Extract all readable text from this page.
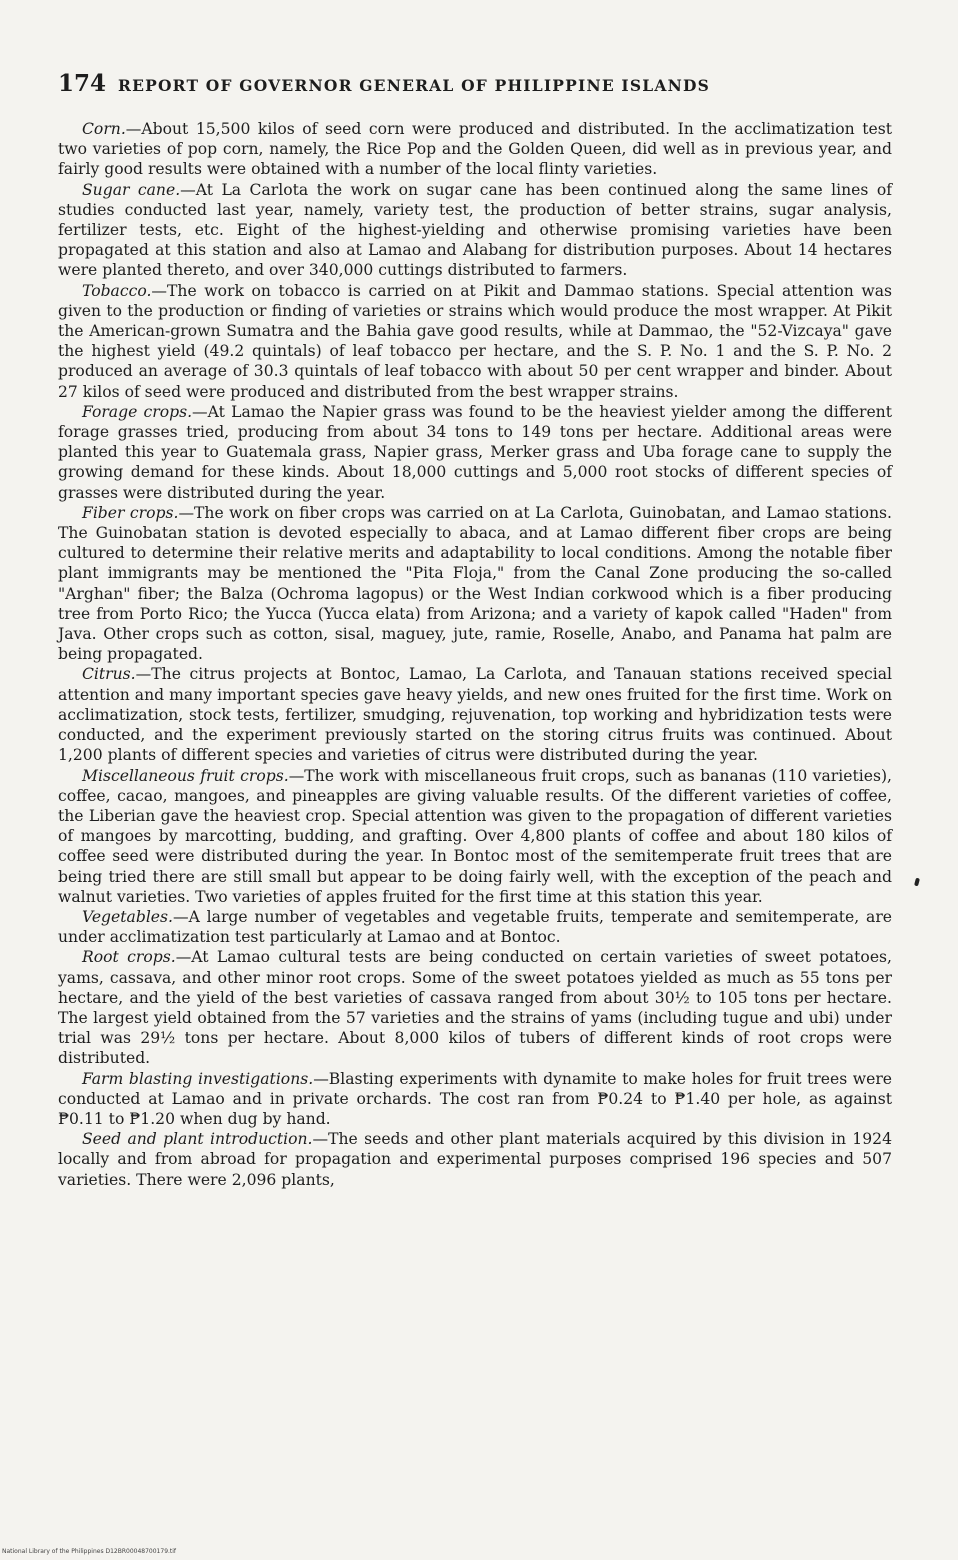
174 REPORT OF GOVERNOR GENERAL OF PHILIPPINE ISLANDS

Corn.—About 15,500 kilos of seed corn were produced and distributed. In the acclimatization test two varieties of pop corn, namely, the Rice Pop and the Golden Queen, did well as in previous year, and fairly good results were obtained with a number of the local flinty varieties.

Sugar cane.—At La Carlota the work on sugar cane has been continued along the same lines of studies conducted last year, namely, variety test, the production of better strains, sugar analysis, fertilizer tests, etc. Eight of the highest-yielding and otherwise promising varieties have been propagated at this station and also at Lamao and Alabang for distribution purposes. About 14 hectares were planted thereto, and over 340,000 cuttings distributed to farmers.

Tobacco.—The work on tobacco is carried on at Pikit and Dammao stations. Special attention was given to the production or finding of varieties or strains which would produce the most wrapper. At Pikit the American-grown Sumatra and the Bahia gave good results, while at Dammao, the "52-Vizcaya" gave the highest yield (49.2 quintals) of leaf tobacco per hectare, and the S. P. No. 1 and the S. P. No. 2 produced an average of 30.3 quintals of leaf tobacco with about 50 per cent wrapper and binder. About 27 kilos of seed were produced and distributed from the best wrapper strains.

Forage crops.—At Lamao the Napier grass was found to be the heaviest yielder among the different forage grasses tried, producing from about 34 tons to 149 tons per hectare. Additional areas were planted this year to Guatemala grass, Napier grass, Merker grass and Uba forage cane to supply the growing demand for these kinds. About 18,000 cuttings and 5,000 root stocks of different species of grasses were distributed during the year.

Fiber crops.—The work on fiber crops was carried on at La Carlota, Guinobatan, and Lamao stations. The Guinobatan station is devoted especially to abaca, and at Lamao different fiber crops are being cultured to determine their relative merits and adaptability to local conditions. Among the notable fiber plant immigrants may be mentioned the "Pita Floja," from the Canal Zone producing the so-called "Arghan" fiber; the Balza (Ochroma lagopus) or the West Indian corkwood which is a fiber producing tree from Porto Rico; the Yucca (Yucca elata) from Arizona; and a variety of kapok called "Haden" from Java. Other crops such as cotton, sisal, maguey, jute, ramie, Roselle, Anabo, and Panama hat palm are being propagated.

Citrus.—The citrus projects at Bontoc, Lamao, La Carlota, and Tanauan stations received special attention and many important species gave heavy yields, and new ones fruited for the first time. Work on acclimatization, stock tests, fertilizer, smudging, rejuvenation, top working and hybridization tests were conducted, and the experiment previously started on the storing citrus fruits was continued. About 1,200 plants of different species and varieties of citrus were distributed during the year.

Miscellaneous fruit crops.—The work with miscellaneous fruit crops, such as bananas (110 varieties), coffee, cacao, mangoes, and pineapples are giving valuable results. Of the different varieties of coffee, the Liberian gave the heaviest crop. Special attention was given to the propagation of different varieties of mangoes by marcotting, budding, and grafting. Over 4,800 plants of coffee and about 180 kilos of coffee seed were distributed during the year. In Bontoc most of the semitemperate fruit trees that are being tried there are still small but appear to be doing fairly well, with the exception of the peach and walnut varieties. Two varieties of apples fruited for the first time at this station this year.

Vegetables.—A large number of vegetables and vegetable fruits, temperate and semitemperate, are under acclimatization test particularly at Lamao and at Bontoc.

Root crops.—At Lamao cultural tests are being conducted on certain varieties of sweet potatoes, yams, cassava, and other minor root crops. Some of the sweet potatoes yielded as much as 55 tons per hectare, and the yield of the best varieties of cassava ranged from about 30½ to 105 tons per hectare. The largest yield obtained from the 57 varieties and the strains of yams (including tugue and ubi) under trial was 29½ tons per hectare. About 8,000 kilos of tubers of different kinds of root crops were distributed.

Farm blasting investigations.—Blasting experiments with dynamite to make holes for fruit trees were conducted at Lamao and in private orchards. The cost ran from ₱0.24 to ₱1.40 per hole, as against ₱0.11 to ₱1.20 when dug by hand.

Seed and plant introduction.—The seeds and other plant materials acquired by this division in 1924 locally and from abroad for propagation and experimental purposes comprised 196 species and 507 varieties. There were 2,096 plants,

National Library of the Philippines D12BR00048700179.tif
